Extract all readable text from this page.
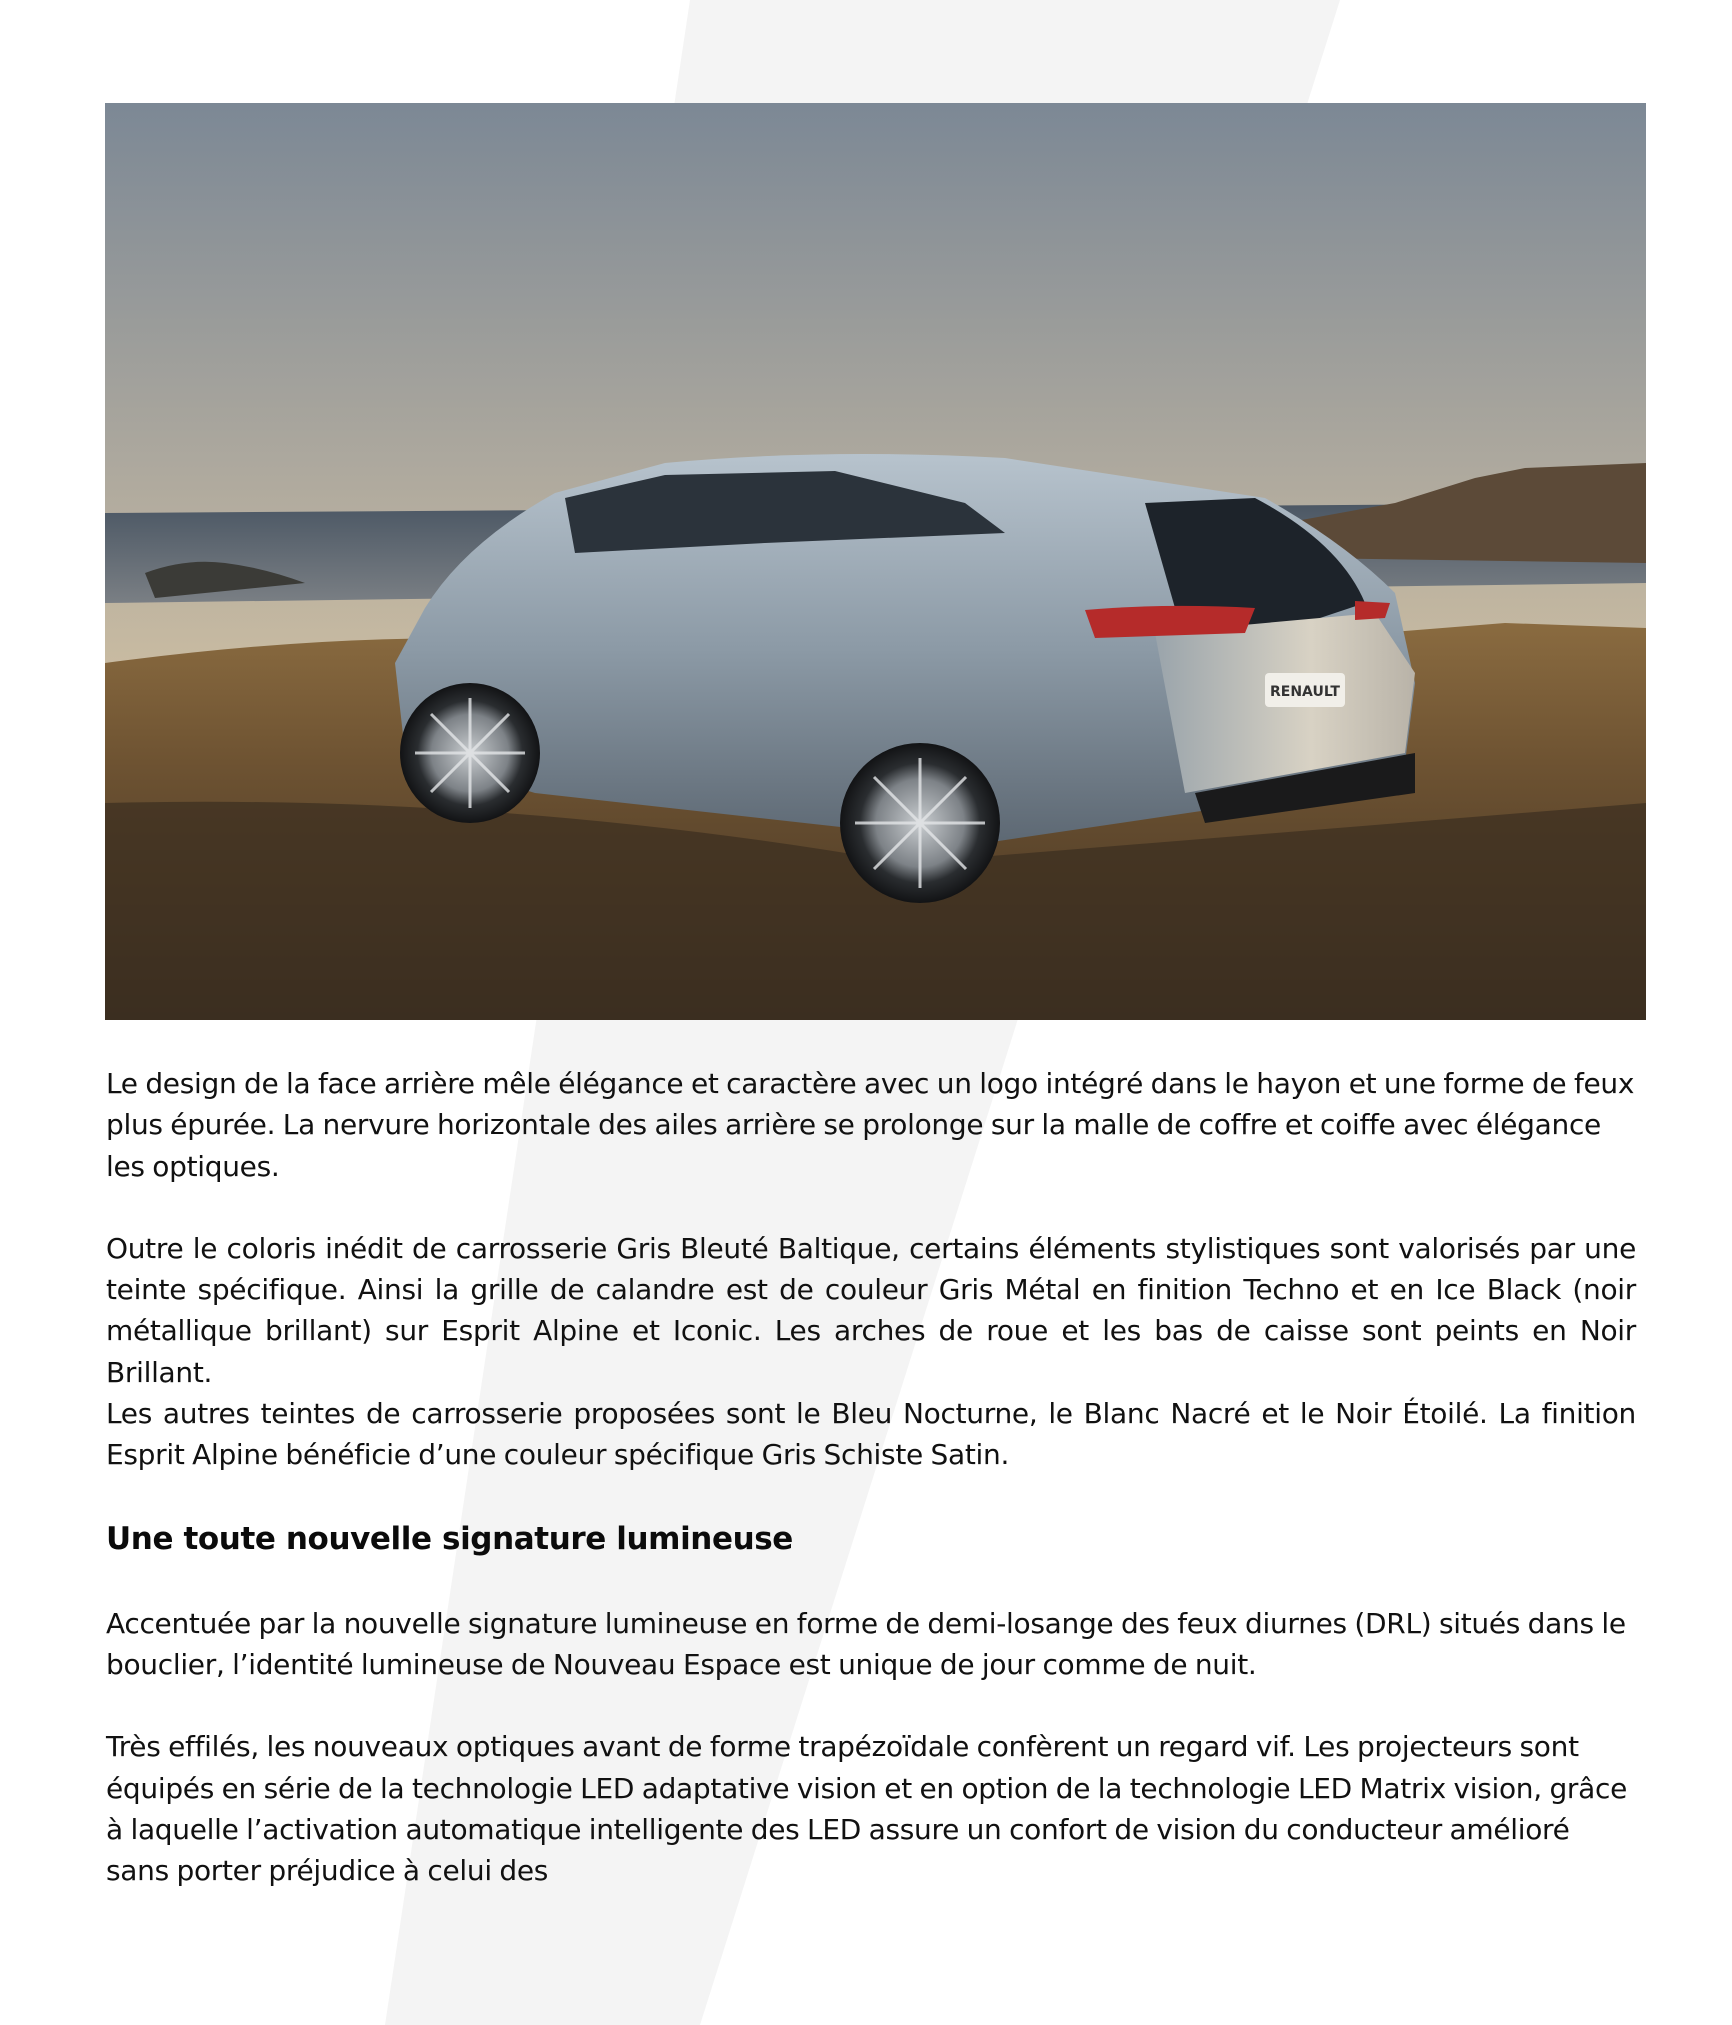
RENAULT

Le design de la face arrière mêle élégance et caractère avec un logo intégré dans le hayon et une forme de feux plus épurée. La nervure horizontale des ailes arrière se prolonge sur la malle de coffre et coiffe avec élégance les optiques.

Outre le coloris inédit de carrosserie Gris Bleuté Baltique, certains éléments stylistiques sont valorisés par une teinte spécifique. Ainsi la grille de calandre est de couleur Gris Métal en finition Techno et en Ice Black (noir métallique brillant) sur Esprit Alpine et Iconic. Les arches de roue et les bas de caisse sont peints en Noir Brillant.

Les autres teintes de carrosserie proposées sont le Bleu Nocturne, le Blanc Nacré et le Noir Étoilé. La finition Esprit Alpine bénéficie d’une couleur spécifique Gris Schiste Satin.

Une toute nouvelle signature lumineuse

Accentuée par la nouvelle signature lumineuse en forme de demi-losange des feux diurnes (DRL) situés dans le bouclier, l’identité lumineuse de Nouveau Espace est unique de jour comme de nuit.

Très effilés, les nouveaux optiques avant de forme trapézoïdale confèrent un regard vif. Les projecteurs sont équipés en série de la technologie LED adaptative vision et en option de la technologie LED Matrix vision, grâce à laquelle l’activation automatique intelligente des LED assure un confort de vision du conducteur amélioré sans porter préjudice à celui des
